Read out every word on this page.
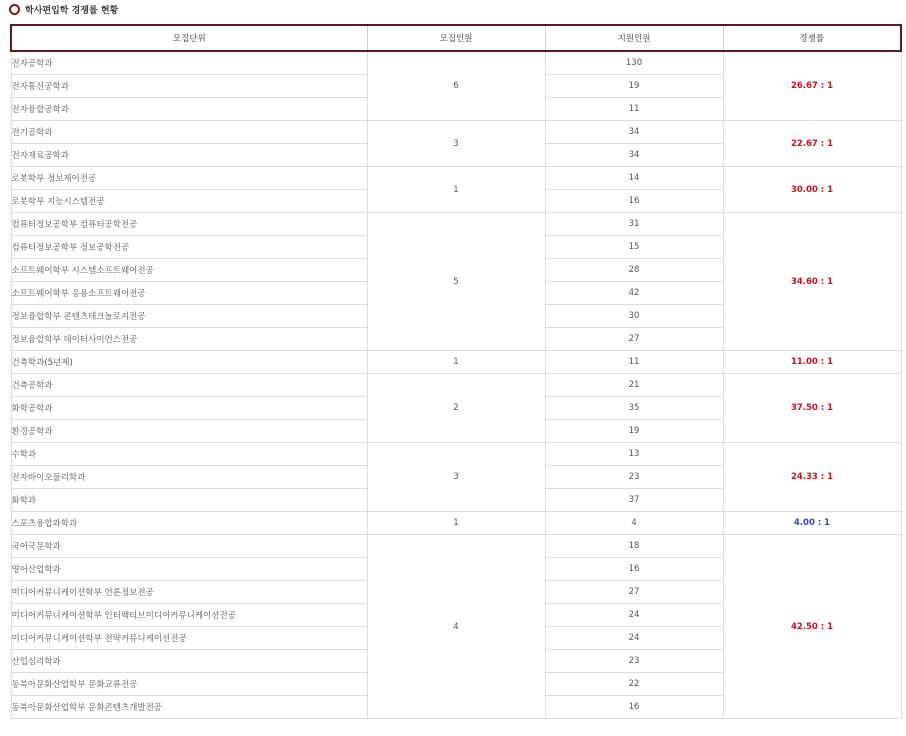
학사편입학 경쟁률 현황
모집단위	모집인원	지원인원	경쟁률
전자공학과	6	130	26.67 : 1
전자통신공학과		19	
전자융합공학과		11	
전기공학과	3	34	22.67 : 1
전자재료공학과		34	
로봇학부 정보제어전공	1	14	30.00 : 1
로봇학부 지능시스템전공		16	
컴퓨터정보공학부 컴퓨터공학전공	5	31	34.60 : 1
컴퓨터정보공학부 정보공학전공		15	
소프트웨어학부 시스템소프트웨어전공		28	
소프트웨어학부 응용소프트웨어전공		42	
정보융합학부 콘텐츠테크놀로지전공		30	
정보융합학부 데이터사이언스전공		27	
건축학과(5년제)	1	11	11.00 : 1
건축공학과	2	21	37.50 : 1
화학공학과		35	
환경공학과		19	
수학과	3	13	24.33 : 1
전자바이오물리학과		23	
화학과		37	
스포츠융합과학과	1	4	4.00 : 1
국어국문학과	4	18	42.50 : 1
영어산업학과		16	
미디어커뮤니케이션학부 언론정보전공		27	
미디어커뮤니케이션학부 인터랙티브미디어커뮤니케이션전공		24	
미디어커뮤니케이션학부 전략커뮤니케이션전공		24	
산업심리학과		23	
동북아문화산업학부 문화교류전공		22	
동북아문화산업학부 문화콘텐츠개발전공		16	
